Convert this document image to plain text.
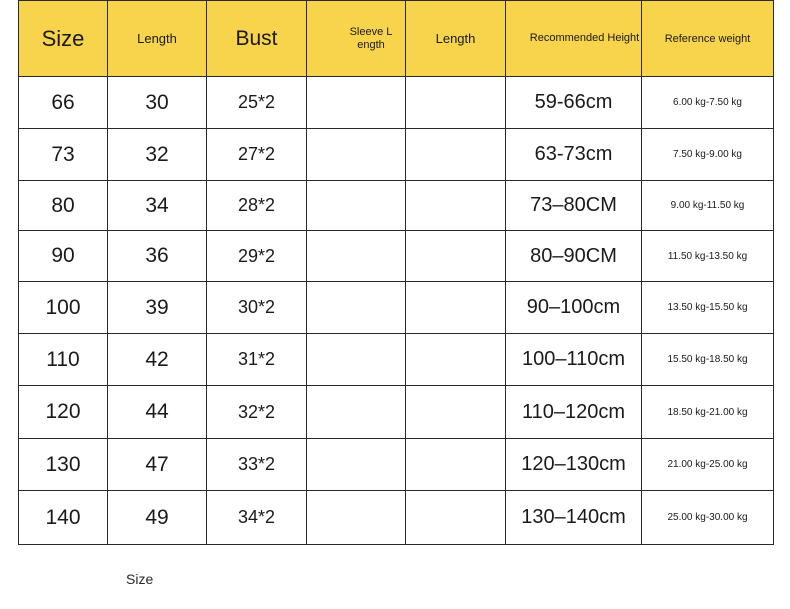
Size	Length	Bust	Sleeve L ength	Length	Recommended Height	Reference weight
66	30	25*2			59-66cm	6.00 kg-7.50 kg
73	32	27*2			63-73cm	7.50 kg-9.00 kg
80	34	28*2			73–80CM	9.00 kg-11.50 kg
90	36	29*2			80–90CM	11.50 kg-13.50 kg
100	39	30*2			90–100cm	13.50 kg-15.50 kg
110	42	31*2			100–110cm	15.50 kg-18.50 kg
120	44	32*2			110–120cm	18.50 kg-21.00 kg
130	47	33*2			120–130cm	21.00 kg-25.00 kg
140	49	34*2			130–140cm	25.00 kg-30.00 kg
Size
